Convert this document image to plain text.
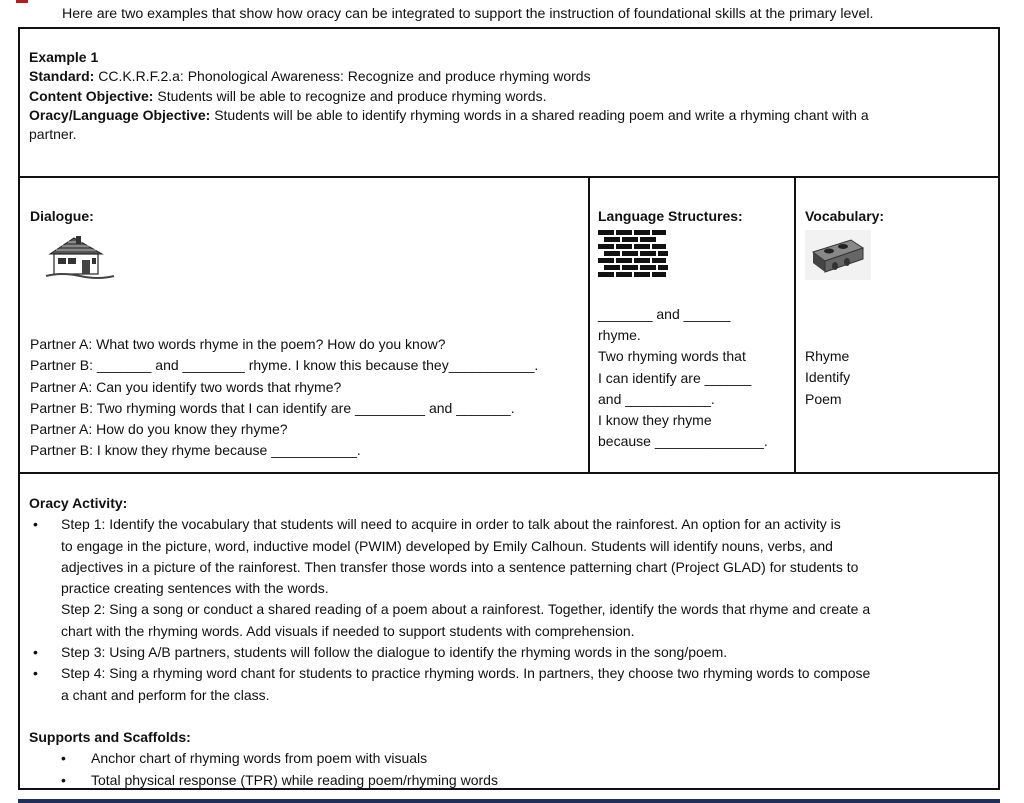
Here are two examples that show how oracy can be integrated to support the instruction of foundational skills at the primary level.
Example 1
Standard: CC.K.R.F.2.a: Phonological Awareness: Recognize and produce rhyming words
Content Objective: Students will be able to recognize and produce rhyming words.
Oracy/Language Objective: Students will be able to identify rhyming words in a shared reading poem and write a rhyming chant with a
partner.
Dialogue:
Partner A: What two words rhyme in the poem? How do you know?
Partner B: _______ and ________ rhyme. I know this because they___________.
Partner A: Can you identify two words that rhyme?
Partner B: Two rhyming words that I can identify are _________ and _______.
Partner A: How do you know they rhyme?
Partner B: I know they rhyme because ___________.
Language Structures:
_______ and ______
rhyme.
Two rhyming words that
I can identify are ______
and ___________.
I know they rhyme
because ______________.
Vocabulary:
Rhyme
Identify
Poem
Oracy Activity:
• Step 1: Identify the vocabulary that students will need to acquire in order to talk about the rainforest. An option for an activity is
to engage in the picture, word, inductive model (PWIM) developed by Emily Calhoun. Students will identify nouns, verbs, and
adjectives in a picture of the rainforest. Then transfer those words into a sentence patterning chart (Project GLAD) for students to
practice creating sentences with the words.
Step 2: Sing a song or conduct a shared reading of a poem about a rainforest. Together, identify the words that rhyme and create a
chart with the rhyming words. Add visuals if needed to support students with comprehension.
• Step 3: Using A/B partners, students will follow the dialogue to identify the rhyming words in the song/poem.
• Step 4: Sing a rhyming word chant for students to practice rhyming words. In partners, they choose two rhyming words to compose
a chant and perform for the class.
Supports and Scaffolds:
• Anchor chart of rhyming words from poem with visuals
• Total physical response (TPR) while reading poem/rhyming words
